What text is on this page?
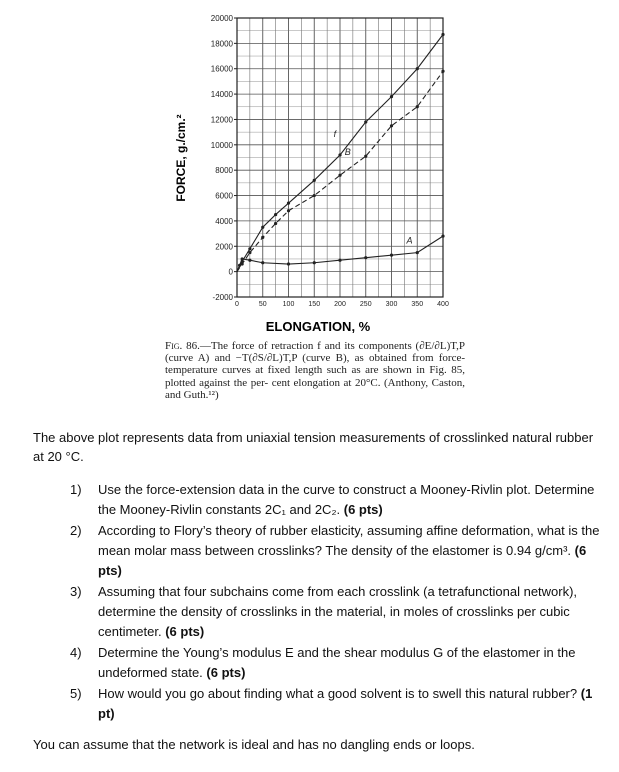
f
B
A
-2000
0
2000
4000
6000
8000
10000
12000
14000
16000
18000
20000
0	50 100 150 200 250 300 350 400
ELONGATION, %
FORCE, g./cm.²
Fig. 86.—The force of retraction f and its components (∂E/∂L)T,P (curve A) and −T(∂S/∂L)T,P (curve B), as obtained from force-temperature curves at fixed length such as are shown in Fig. 85, plotted against the per- cent elongation at 20°C. (Anthony, Caston, and Guth.¹²)
The above plot represents data from uniaxial tension measurements of crosslinked natural rubber at 20 °C.
1) Use the force-extension data in the curve to construct a Mooney-Rivlin plot. Determine the Mooney-Rivlin constants 2C₁ and 2C₂. (6 pts)
2) According to Flory’s theory of rubber elasticity, assuming affine deformation, what is the mean molar mass between crosslinks? The density of the elastomer is 0.94 g/cm³. (6 pts)
3) Assuming that four subchains come from each crosslink (a tetrafunctional network), determine the density of crosslinks in the material, in moles of crosslinks per cubic centimeter. (6 pts)
4) Determine the Young’s modulus E and the shear modulus G of the elastomer in the undeformed state. (6 pts)
5) How would you go about finding what a good solvent is to swell this natural rubber? (1 pt)
You can assume that the network is ideal and has no dangling ends or loops.
